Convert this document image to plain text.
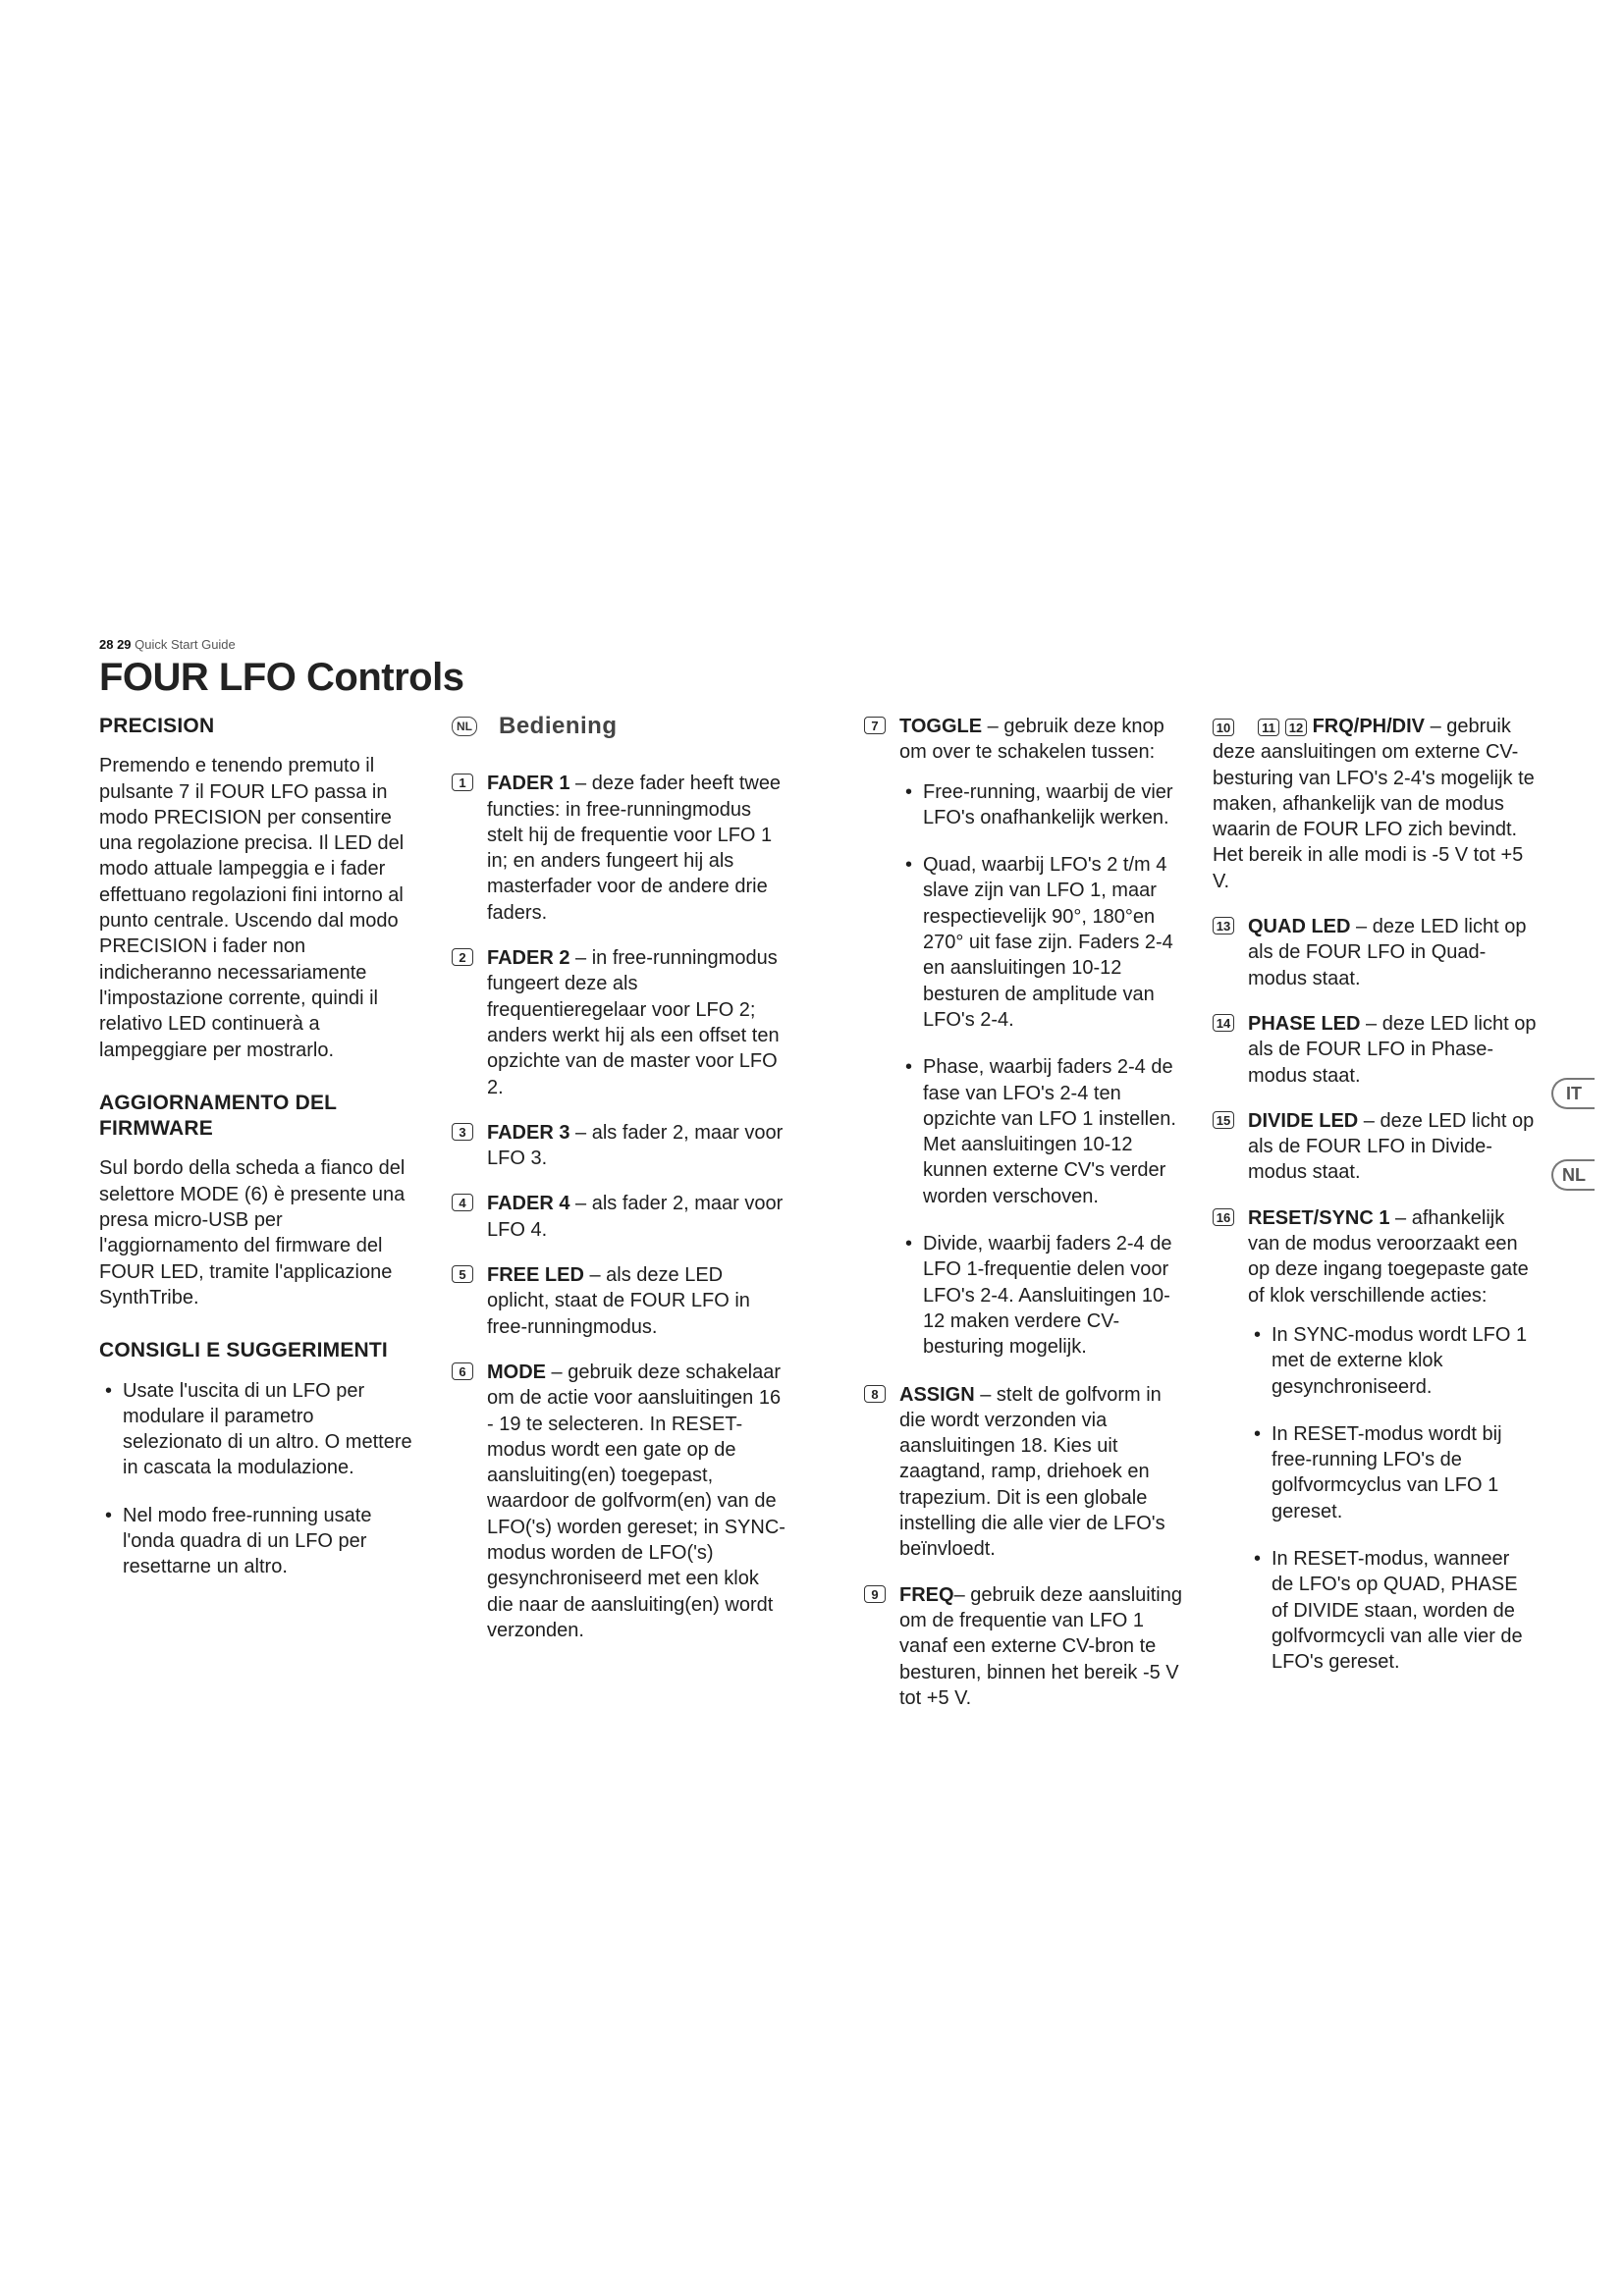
28 29 Quick Start Guide
FOUR LFO Controls
PRECISION

Premendo e tenendo premuto il pulsante 7 il FOUR LFO passa in modo PRECISION per consentire una regolazione precisa. Il LED del modo attuale lampeggia e i fader effettuano regolazioni fini intorno al punto centrale. Uscendo dal modo PRECISION i fader non indicheranno necessariamente l'impostazione corrente, quindi il relativo LED continuerà a lampeggiare per mostrarlo.

AGGIORNAMENTO DEL FIRMWARE

Sul bordo della scheda a fianco del selettore MODE (6) è presente una presa micro-USB per l'aggiornamento del firmware del FOUR LED, tramite l'applicazione SynthTribe.

CONSIGLI E SUGGERIMENTI
• Usate l'uscita di un LFO per modulare il parametro selezionato di un altro. O mettere in cascata la modulazione.
• Nel modo free-running usate l'onda quadra di un LFO per resettarne un altro.
NL Bediening
1	FADER 1 – deze fader heeft twee functies: in free-runningmodus stelt hij de frequentie voor LFO 1 in; en anders fungeert hij als masterfader voor de andere drie faders.
2	FADER 2 – in free-runningmodus fungeert deze als frequentieregelaar voor LFO 2; anders werkt hij als een offset ten opzichte van de master voor LFO 2.
3	FADER 3 – als fader 2, maar voor LFO 3.
4	FADER 4 – als fader 2, maar voor LFO 4.
5	FREE LED – als deze LED oplicht, staat de FOUR LFO in free-runningmodus.
6	MODE – gebruik deze schakelaar om de actie voor aansluitingen 16 - 19 te selecteren. In RESET-modus wordt een gate op de aansluiting(en) toegepast, waardoor de golfvorm(en) van de LFO('s) worden gereset; in SYNC-modus worden de LFO('s) gesynchroniseerd met een klok die naar de aansluiting(en) wordt verzonden.
7	TOGGLE – gebruik deze knop om over te schakelen tussen:
• Free-running, waarbij de vier LFO's onafhankelijk werken.
• Quad, waarbij LFO's 2 t/m 4 slave zijn van LFO 1, maar respectievelijk 90°, 180°en 270° uit fase zijn. Faders 2-4 en aansluitingen 10-12 besturen de amplitude van LFO's 2-4.
• Phase, waarbij faders 2-4 de fase van LFO's 2-4 ten opzichte van LFO 1 instellen. Met aansluitingen 10-12 kunnen externe CV's verder worden verschoven.
• Divide, waarbij faders 2-4 de LFO 1-frequentie delen voor LFO's 2-4. Aansluitingen 10-12 maken verdere CV-besturing mogelijk.
8	ASSIGN – stelt de golfvorm in die wordt verzonden via aansluitingen 18. Kies uit zaagtand, ramp, driehoek en trapezium. Dit is een globale instelling die alle vier de LFO's beïnvloedt.
9	FREQ– gebruik deze aansluiting om de frequentie van LFO 1 vanaf een externe CV-bron te besturen, binnen het bereik -5 V tot +5 V.
10	11	12 FRQ/PH/DIV – gebruik deze aansluitingen om externe CV-besturing van LFO's 2-4's mogelijk te maken, afhankelijk van de modus waarin de FOUR LFO zich bevindt. Het bereik in alle modi is -5 V tot +5 V.
13 QUAD LED – deze LED licht op als de FOUR LFO in Quad-modus staat.
14 PHASE LED – deze LED licht op als de FOUR LFO in Phase-modus staat.
15 DIVIDE LED – deze LED licht op als de FOUR LFO in Divide-modus staat.
16 RESET/SYNC 1 – afhankelijk van de modus veroorzaakt een op deze ingang toegepaste gate of klok verschillende acties:
• In SYNC-modus wordt LFO 1 met de externe klok gesynchroniseerd.
• In RESET-modus wordt bij free-running LFO's de golfvormcyclus van LFO 1 gereset.
• In RESET-modus, wanneer de LFO's op QUAD, PHASE of DIVIDE staan, worden de golfvormcycli van alle vier de LFO's gereset.
IT
NL
